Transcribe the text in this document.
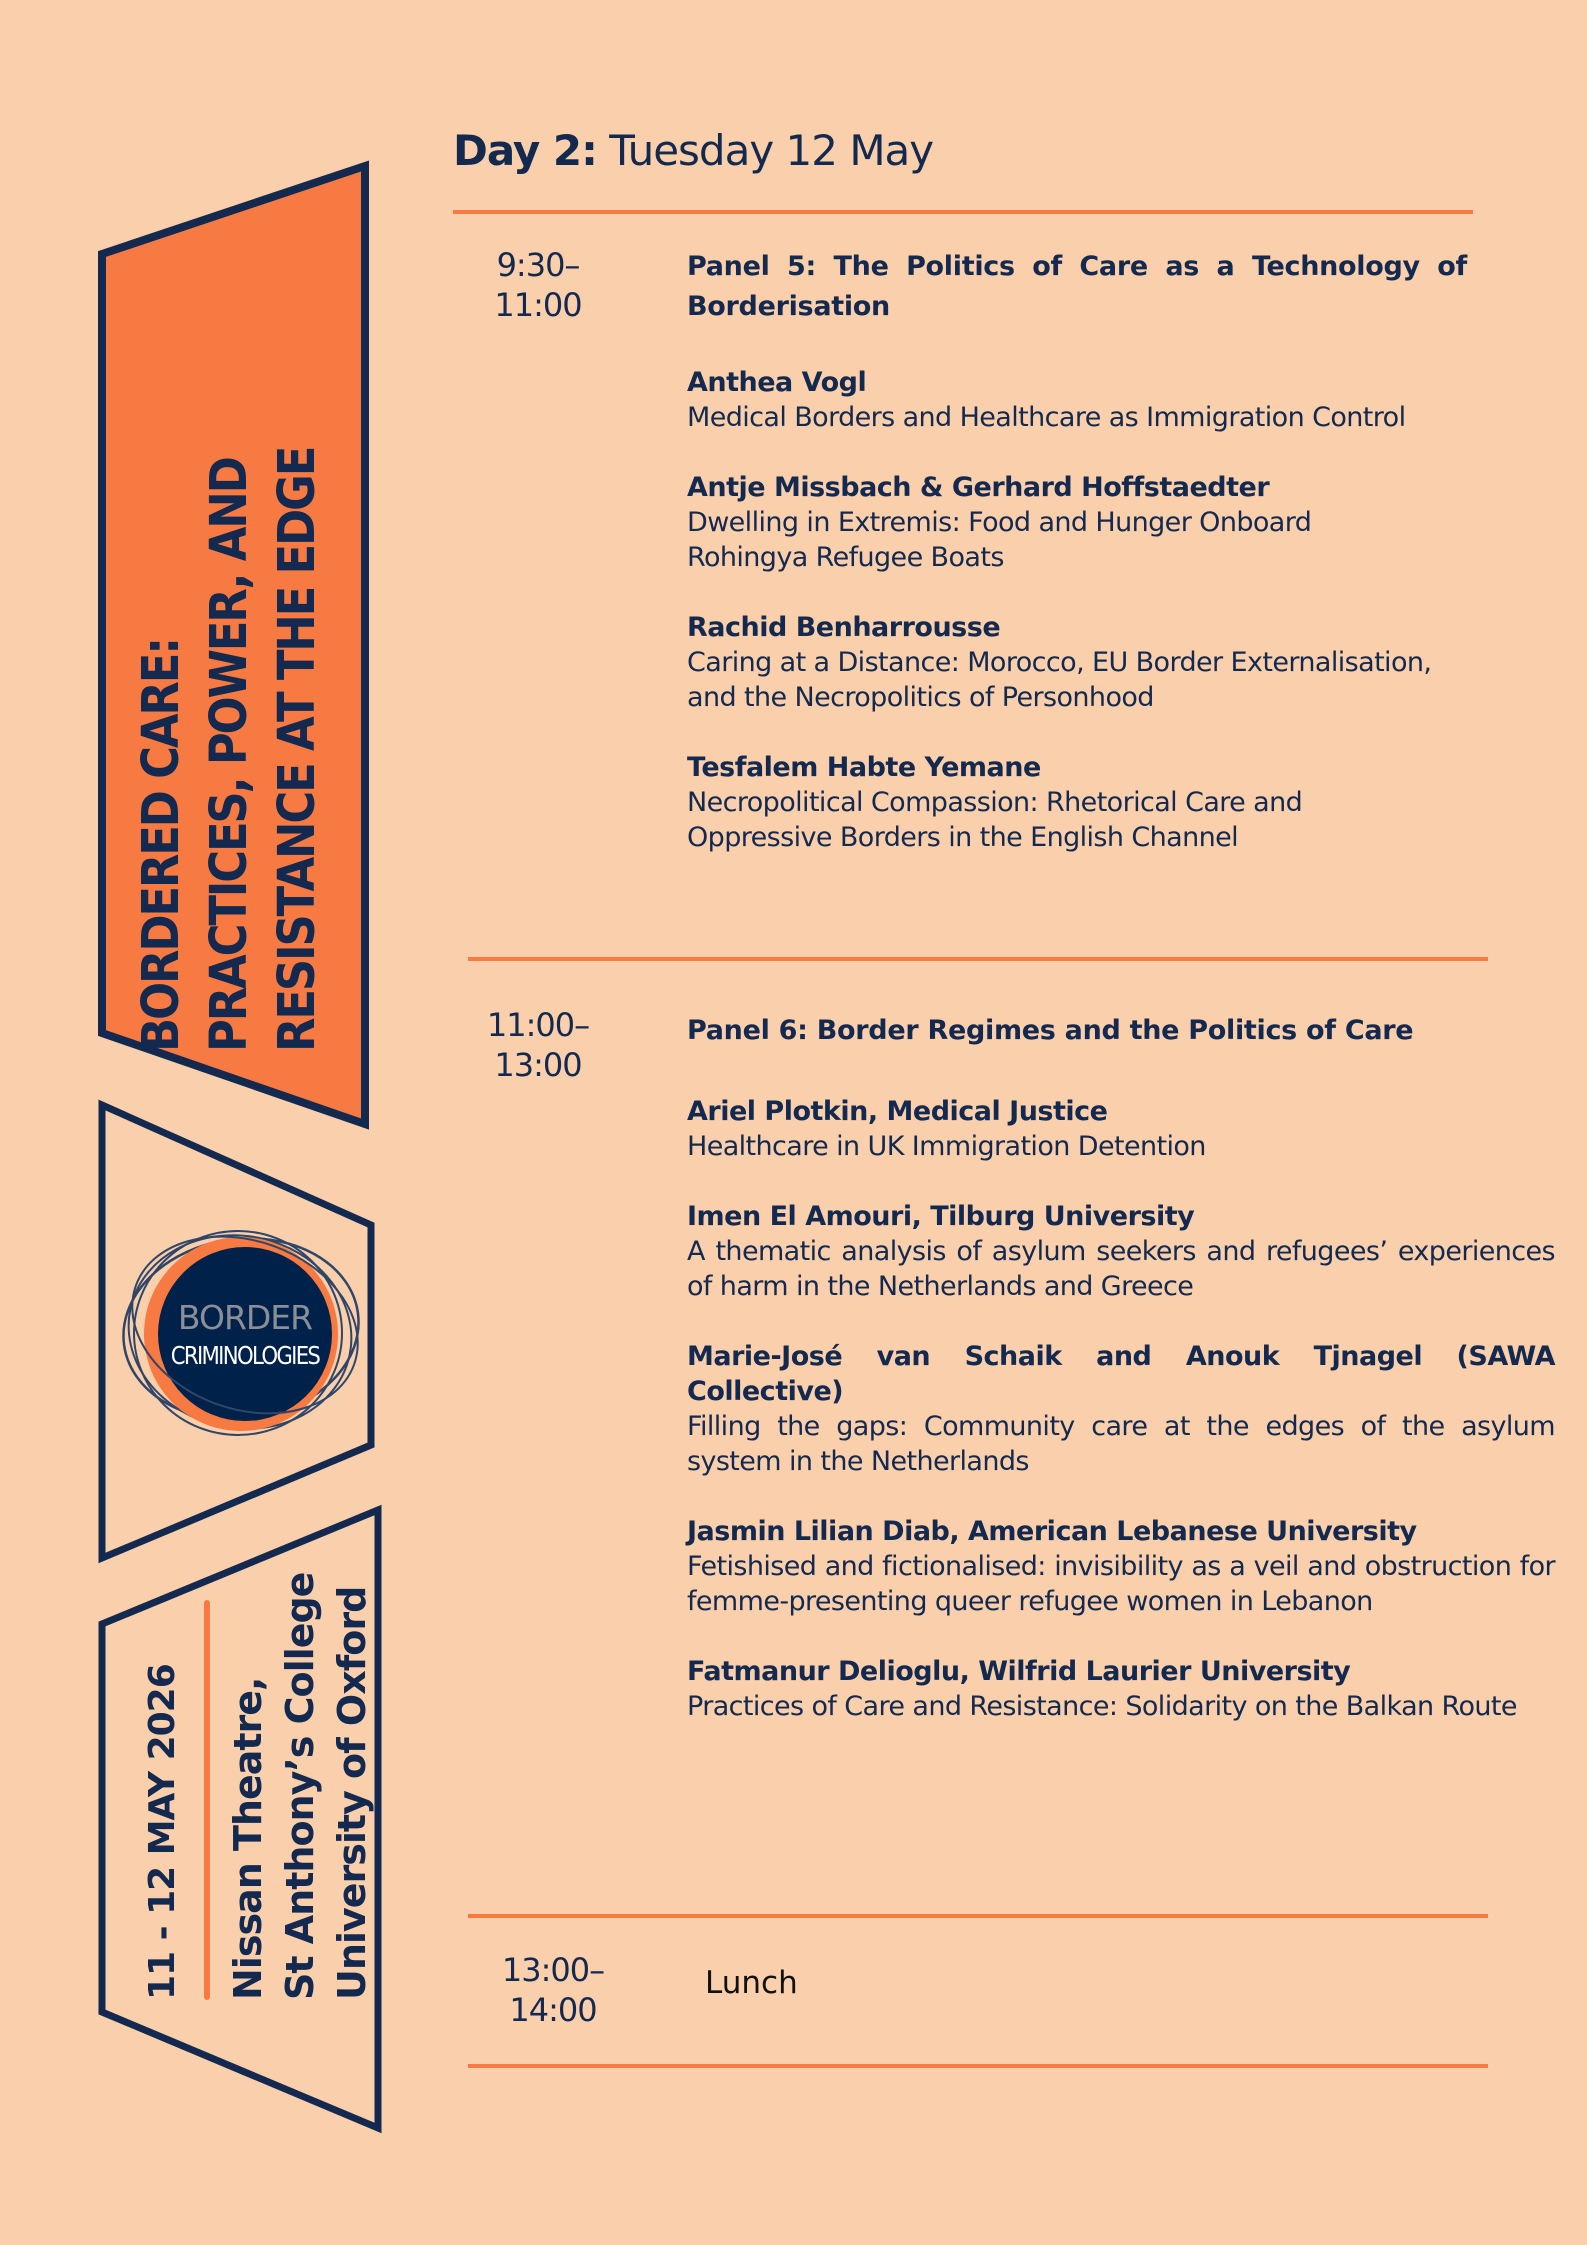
BORDERED CARE: PRACTICES, POWER, AND RESISTANCE AT THE EDGE
BORDER
CRIMINOLOGIES
11 - 12 MAY 2026 Nissan Theatre, St Anthony’s College University of Oxford
Day 2: Tuesday 12 May
9:30–
11:00

Panel 5: The Politics of Care as a Technology of Borderisation

Anthea Vogl
Medical Borders and Healthcare as Immigration Control
Antje Missbach & Gerhard Hoffstaedter
Dwelling in Extremis: Food and Hunger Onboard Rohingya Refugee Boats
Rachid Benharrousse
Caring at a Distance: Morocco, EU Border Externalisation, and the Necropolitics of Personhood
Tesfalem Habte Yemane
Necropolitical Compassion: Rhetorical Care and Oppressive Borders in the English Channel
11:00–
13:00

Panel 6: Border Regimes and the Politics of Care

Ariel Plotkin, Medical Justice
Healthcare in UK Immigration Detention
Imen El Amouri, Tilburg University
A thematic analysis of asylum seekers and refugees’ experiences of harm in the Netherlands and Greece
Marie-José van Schaik and Anouk Tjnagel (SAWA Collective)
Filling the gaps: Community care at the edges of the asylum system in the Netherlands
Jasmin Lilian Diab, American Lebanese University
Fetishised and fictionalised: invisibility as a veil and obstruction for femme-presenting queer refugee women in Lebanon
Fatmanur Delioglu, Wilfrid Laurier University
Practices of Care and Resistance: Solidarity on the Balkan Route
13:00–
14:00
Lunch
